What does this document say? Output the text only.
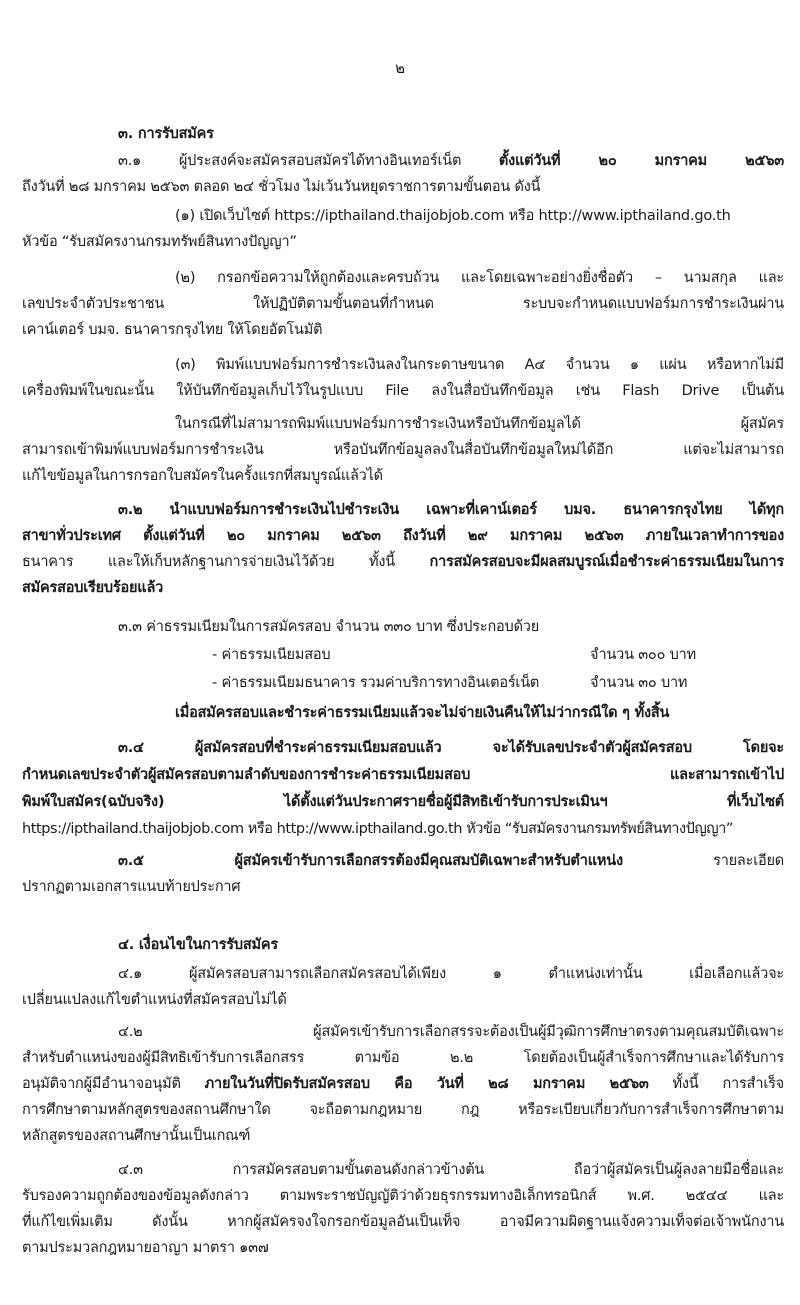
๒
๓. การรับสมัคร
๓.๑ ผู้ประสงค์จะสมัครสอบสมัครได้ทางอินเทอร์เน็ต	ตั้งแต่วันที่ ๒๐ มกราคม ๒๕๖๓
ถึงวันที่ ๒๘ มกราคม ๒๕๖๓ ตลอด ๒๔ ชั่วโมง ไม่เว้นวันหยุดราชการตามขั้นตอน ดังนี้
(๑) เปิดเว็บไซต์ https://ipthailand.thaijobjob.com หรือ http://www.ipthailand.go.th
หัวข้อ “รับสมัครงานกรมทรัพย์สินทางปัญญา”
(๒) กรอกข้อความให้ถูกต้องและครบถ้วน และโดยเฉพาะอย่างยิ่งชื่อตัว – นามสกุล และ
เลขประจำตัวประชาชน ให้ปฏิบัติตามขั้นตอนที่กำหนด ระบบจะกำหนดแบบฟอร์มการชำระเงินผ่าน
เคาน์เตอร์ บมจ. ธนาคารกรุงไทย ให้โดยอัตโนมัติ
(๓) พิมพ์แบบฟอร์มการชำระเงินลงในกระดาษขนาด A๔ จำนวน ๑ แผ่น หรือหากไม่มี
เครื่องพิมพ์ในขณะนั้น ให้บันทึกข้อมูลเก็บไว้ในรูปแบบ File ลงในสื่อบันทึกข้อมูล เช่น Flash Drive เป็นต้น
ในกรณีที่ไม่สามารถพิมพ์แบบฟอร์มการชำระเงินหรือบันทึกข้อมูลได้ ผู้สมัคร
สามารถเข้าพิมพ์แบบฟอร์มการชำระเงิน หรือบันทึกข้อมูลลงในสื่อบันทึกข้อมูลใหม่ได้อีก แต่จะไม่สามารถ
แก้ไขข้อมูลในการกรอกใบสมัครในครั้งแรกที่สมบูรณ์แล้วได้
๓.๒ นำแบบฟอร์มการชำระเงินไปชำระเงิน เฉพาะที่เคาน์เตอร์ บมจ. ธนาคารกรุงไทย ได้ทุก
สาขาทั่วประเทศ ตั้งแต่วันที่ ๒๐ มกราคม ๒๕๖๓ ถึงวันที่ ๒๙ มกราคม ๒๕๖๓ ภายในเวลาทำการของ
ธนาคาร และให้เก็บหลักฐานการจ่ายเงินไว้ด้วย ทั้งนี้ การสมัครสอบจะมีผลสมบูรณ์เมื่อชำระค่าธรรมเนียมในการ
สมัครสอบเรียบร้อยแล้ว
๓.๓ ค่าธรรมเนียมในการสมัครสอบ จำนวน ๓๓๐ บาท ซึ่งประกอบด้วย
- ค่าธรรมเนียมสอบ	จำนวน ๓๐๐ บาท
- ค่าธรรมเนียมธนาคาร รวมค่าบริการทางอินเตอร์เน็ต	จำนวน ๓๐ บาท
เมื่อสมัครสอบและชำระค่าธรรมเนียมแล้วจะไม่จ่ายเงินคืนให้ไม่ว่ากรณีใด ๆ ทั้งสิ้น
๓.๔ ผู้สมัครสอบที่ชำระค่าธรรมเนียมสอบแล้ว จะได้รับเลขประจำตัวผู้สมัครสอบ โดยจะ
กำหนดเลขประจำตัวผู้สมัครสอบตามลำดับของการชำระค่าธรรมเนียมสอบ และสามารถเข้าไป
พิมพ์ใบสมัคร(ฉบับจริง) ได้ตั้งแต่วันประกาศรายชื่อผู้มีสิทธิเข้ารับการประเมินฯ ที่เว็บไซต์
https://ipthailand.thaijobjob.com หรือ http://www.ipthailand.go.th หัวข้อ “รับสมัครงานกรมทรัพย์สินทางปัญญา”
๓.๕ ผู้สมัครเข้ารับการเลือกสรรต้องมีคุณสมบัติเฉพาะสำหรับตำแหน่ง	รายละเอียด
ปรากฏตามเอกสารแนบท้ายประกาศ
๔. เงื่อนไขในการรับสมัคร
๔.๑ ผู้สมัครสอบสามารถเลือกสมัครสอบได้เพียง ๑ ตำแหน่งเท่านั้น เมื่อเลือกแล้วจะ
เปลี่ยนแปลงแก้ไขตำแหน่งที่สมัครสอบไม่ได้
๔.๒ ผู้สมัครเข้ารับการเลือกสรรจะต้องเป็นผู้มีวุฒิการศึกษาตรงตามคุณสมบัติเฉพาะ
สำหรับตำแหน่งของผู้มีสิทธิเข้ารับการเลือกสรร ตามข้อ ๒.๒ โดยต้องเป็นผู้สำเร็จการศึกษาและได้รับการ
อนุมัติจากผู้มีอำนาจอนุมัติ ภายในวันที่ปิดรับสมัครสอบ คือ วันที่ ๒๘ มกราคม ๒๕๖๓ ทั้งนี้ การสำเร็จ
การศึกษาตามหลักสูตรของสถานศึกษาใด จะถือตามกฎหมาย กฎ หรือระเบียบเกี่ยวกับการสำเร็จการศึกษาตาม
หลักสูตรของสถานศึกษานั้นเป็นเกณฑ์
๔.๓ การสมัครสอบตามขั้นตอนดังกล่าวข้างต้น ถือว่าผู้สมัครเป็นผู้ลงลายมือชื่อและ
รับรองความถูกต้องของข้อมูลดังกล่าว ตามพระราชบัญญัติว่าด้วยธุรกรรมทางอิเล็กทรอนิกส์ พ.ศ. ๒๕๔๔ และ
ที่แก้ไขเพิ่มเติม ดังนั้น หากผู้สมัครจงใจกรอกข้อมูลอันเป็นเท็จ อาจมีความผิดฐานแจ้งความเท็จต่อเจ้าพนักงาน
ตามประมวลกฎหมายอาญา มาตรา ๑๓๗
